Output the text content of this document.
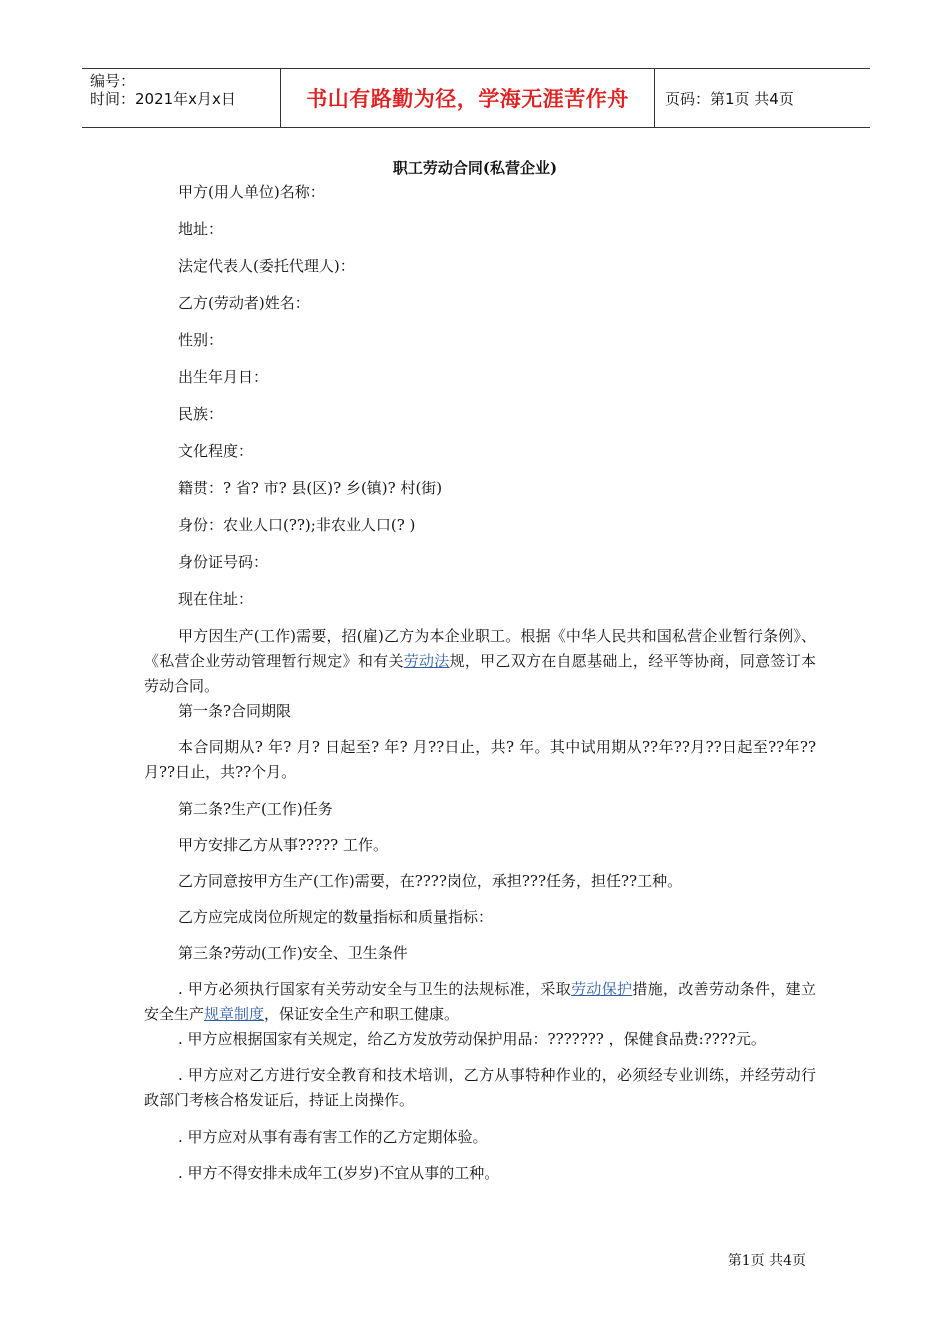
编号：
时间：2021年x月x日	书山有路勤为径，学海无涯苦作舟 页码：第1页 共4页
职工劳动合同(私营企业)
甲方(用人单位)名称：
地址：
法定代表人(委托代理人)：
乙方(劳动者)姓名：
性别：
出生年月日：
民族：
文化程度：
籍贯：? 省? 市? 县(区)? 乡(镇)? 村(街)
身份：农业人口(??);非农业人口(? )
身份证号码：
现在住址：
甲方因生产(工作)需要，招(雇)乙方为本企业职工。根据《中华人民共和国私营企业暂行条例》、《私营企业劳动管理暂行规定》和有关劳动法规，甲乙双方在自愿基础上，经平等协商，同意签订本劳动合同。
第一条?合同期限
本合同期从? 年? 月? 日起至? 年? 月??日止，共? 年。其中试用期从??年??月??日起至??年??月??日止，共??个月。
第二条?生产(工作)任务
甲方安排乙方从事????? 工作。
乙方同意按甲方生产(工作)需要，在????岗位，承担???任务，担任??工种。
乙方应完成岗位所规定的数量指标和质量指标：
第三条?劳动(工作)安全、卫生条件
. 甲方必须执行国家有关劳动安全与卫生的法规标准，采取劳动保护措施，改善劳动条件，建立安全生产规章制度，保证安全生产和职工健康。
. 甲方应根据国家有关规定，给乙方发放劳动保护用品：??????? ，保健食品费:????元。
. 甲方应对乙方进行安全教育和技术培训，乙方从事特种作业的，必须经专业训练，并经劳动行政部门考核合格发证后，持证上岗操作。
. 甲方应对从事有毒有害工作的乙方定期体验。
. 甲方不得安排未成年工(岁岁)不宜从事的工种。
第1页 共4页
